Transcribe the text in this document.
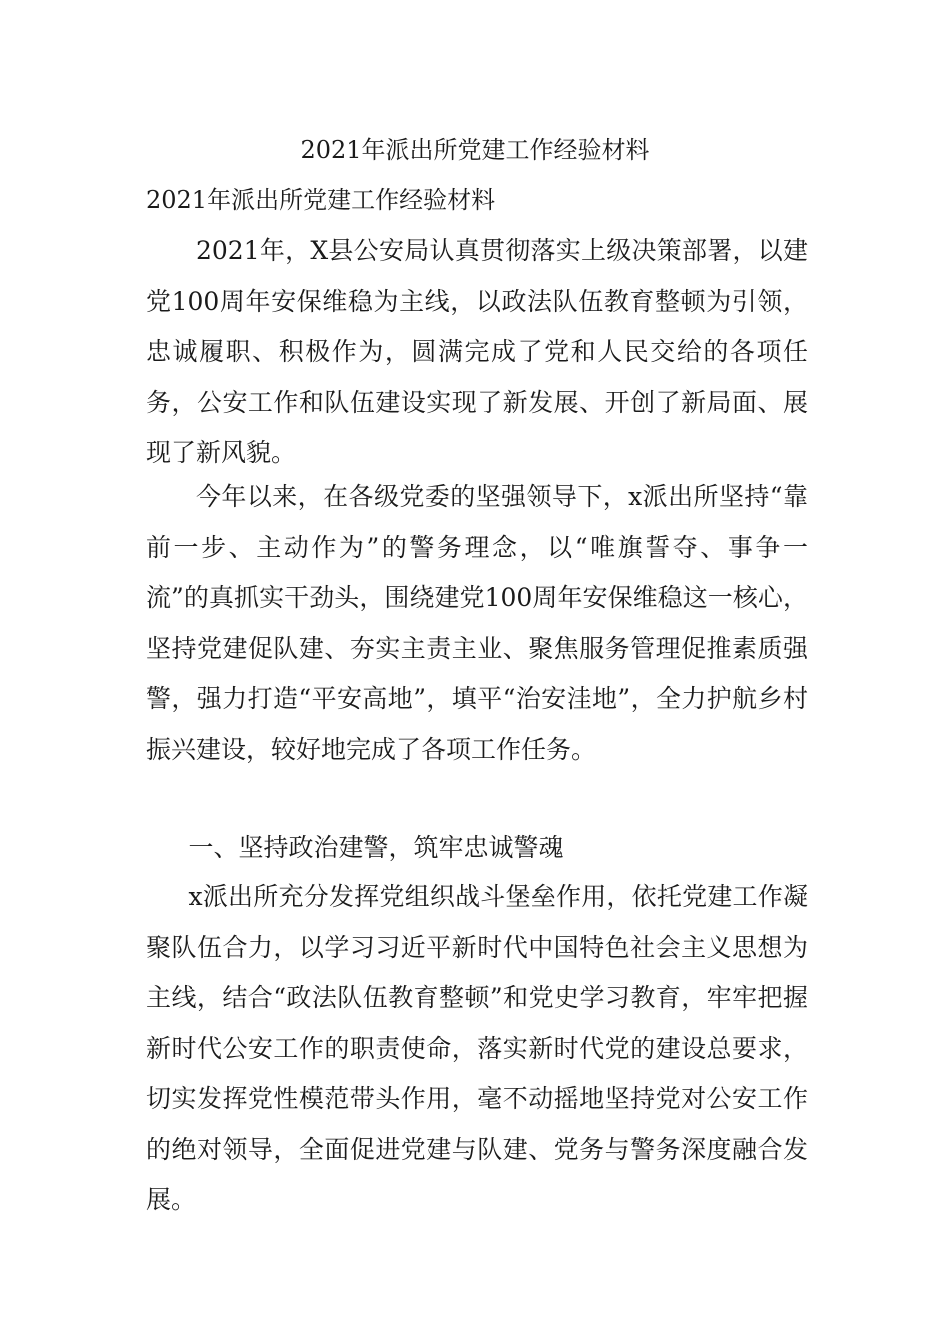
2021年派出所党建工作经验材料
2021年派出所党建工作经验材料

2021年，X县公安局认真贯彻落实上级决策部署，以建党100周年安保维稳为主线，以政法队伍教育整顿为引领，忠诚履职、积极作为，圆满完成了党和人民交给的各项任务，公安工作和队伍建设实现了新发展、开创了新局面、展现了新风貌。

今年以来，在各级党委的坚强领导下，x派出所坚持“靠前一步、主动作为”的警务理念，以“唯旗誓夺、事争一流”的真抓实干劲头，围绕建党100周年安保维稳这一核心，坚持党建促队建、夯实主责主业、聚焦服务管理促推素质强警，强力打造“平安高地”，填平“治安洼地”，全力护航乡村振兴建设，较好地完成了各项工作任务。

一、坚持政治建警，筑牢忠诚警魂

x派出所充分发挥党组织战斗堡垒作用，依托党建工作凝聚队伍合力，以学习习近平新时代中国特色社会主义思想为主线，结合“政法队伍教育整顿”和党史学习教育，牢牢把握新时代公安工作的职责使命，落实新时代党的建设总要求，切实发挥党性模范带头作用，毫不动摇地坚持党对公安工作的绝对领导，全面促进党建与队建、党务与警务深度融合发展。
